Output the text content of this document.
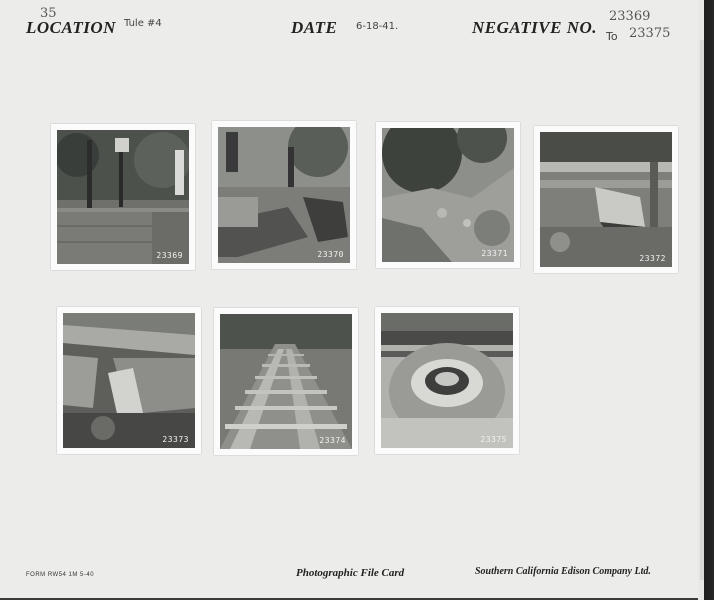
35
LOCATION Tule #4	DATE 6-18-41.	NEGATIVE NO.
23369
To 23375
23369	23370	23371
23372
23373	23374	23375
FORM RW54 1M 5-40	Photographic File Card	Southern California Edison Company Ltd.
